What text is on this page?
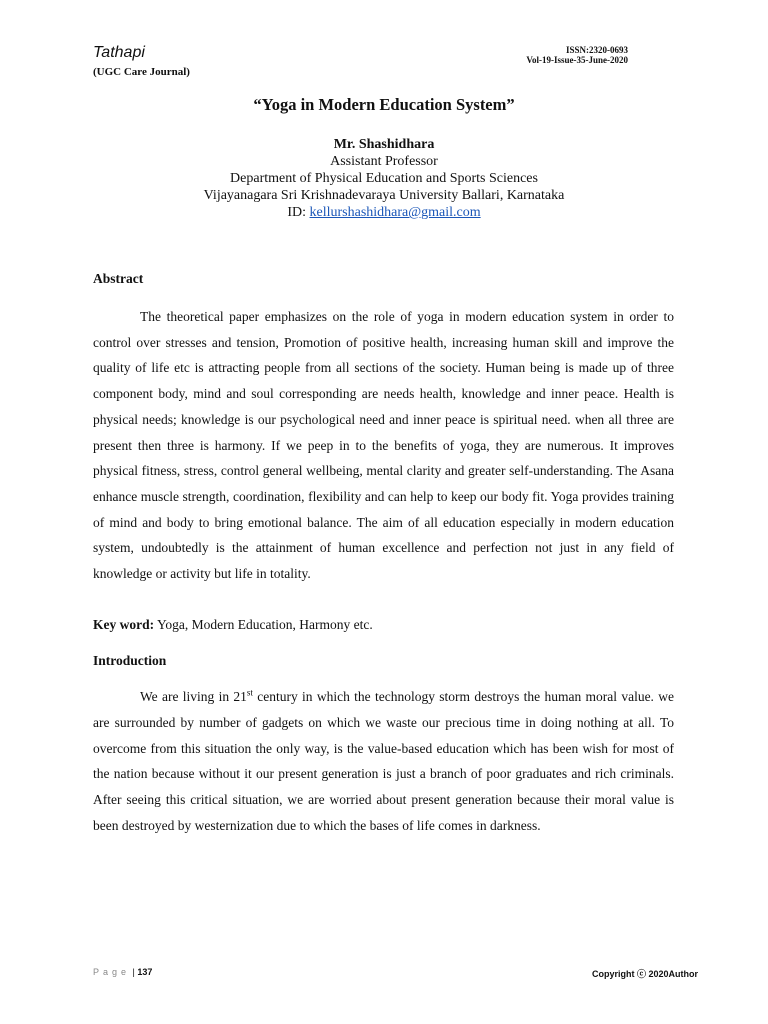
Tathapi
(UGC Care Journal)
ISSN:2320-0693
Vol-19-Issue-35-June-2020
“Yoga in Modern Education System”
Mr. Shashidhara
Assistant Professor
Department of Physical Education and Sports Sciences
Vijayanagara Sri Krishnadevaraya University Ballari, Karnataka
ID: kellurshashidhara@gmail.com
Abstract
The theoretical paper emphasizes on the role of yoga in modern education system in order to control over stresses and tension, Promotion of positive health, increasing human skill and improve the quality of life etc is attracting people from all sections of the society. Human being is made up of three component body, mind and soul corresponding are needs health, knowledge and inner peace. Health is physical needs; knowledge is our psychological need and inner peace is spiritual need. when all three are present then three is harmony. If we peep in to the benefits of yoga, they are numerous. It improves physical fitness, stress, control general wellbeing, mental clarity and greater self-understanding. The Asana enhance muscle strength, coordination, flexibility and can help to keep our body fit. Yoga provides training of mind and body to bring emotional balance. The aim of all education especially in modern education system, undoubtedly is the attainment of human excellence and perfection not just in any field of knowledge or activity but life in totality.
Key word: Yoga, Modern Education, Harmony etc.
Introduction
We are living in 21st century in which the technology storm destroys the human moral value. we are surrounded by number of gadgets on which we waste our precious time in doing nothing at all. To overcome from this situation the only way, is the value-based education which has been wish for most of the nation because without it our present generation is just a branch of poor graduates and rich criminals. After seeing this critical situation, we are worried about present generation because their moral value is been destroyed by westernization due to which the bases of life comes in darkness.
Page | 137	Copyright ⓒ 2020Author
